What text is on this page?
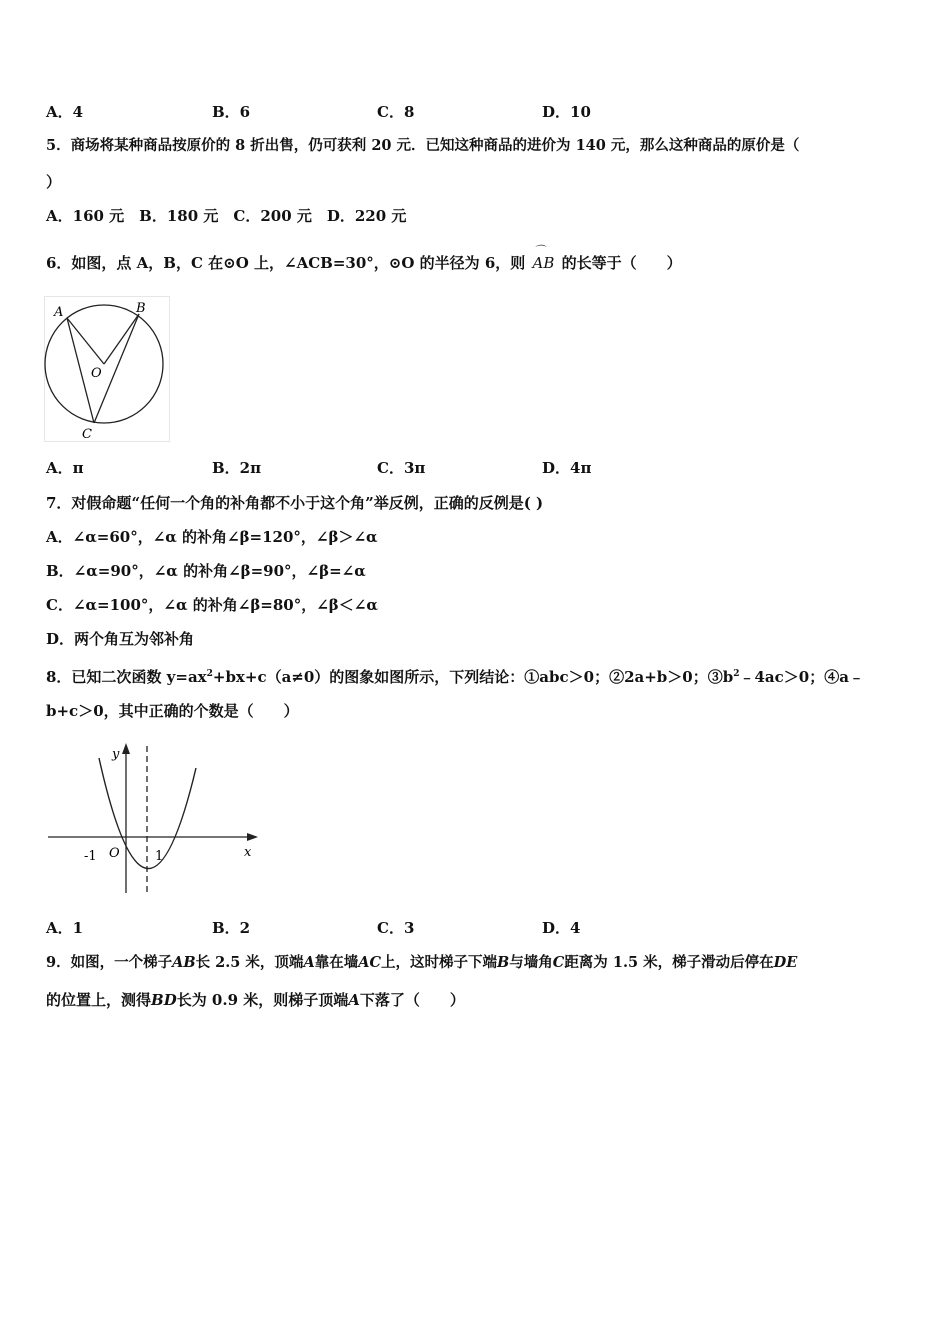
A．4	B．6	C．8	D．10
5．商场将某种商品按原价的 8 折出售，仍可获利 20 元．已知这种商品的进价为 140 元，那么这种商品的原价是（
）
A．160 元　B．180 元　C．200 元　D．220 元
6．如图，点 A，B，C 在⊙O 上，∠ACB=30°，⊙O 的半径为 6，则
⌒
AB 的长等于（　　）
A	B
O
C
A．π	B．2π	C．3π	D．4π
7．对假命题“任何一个角的补角都不小于这个角”举反例，正确的反例是( )
A．∠α=60°，∠α 的补角∠β=120°，∠β＞∠α
B．∠α=90°，∠α 的补角∠β=90°，∠β=∠α
C．∠α=100°，∠α 的补角∠β=80°，∠β＜∠α
D．两个角互为邻补角
8．已知二次函数 $y=ax^2+bx+c(a\ne 0)$的图象如图所示，下列结论：①abc＞0；②2a+b＞0；$③b^2﹣4ac>0$；④a﹣
b+c＞0，其中正确的个数是（　　）
y
x
-1 O	1
A．1	B．2	C．3	D．4
9．如图，一个梯子AB长 2.5 米，顶端A靠在墙AC上，这时梯子下端B与墙角C距离为 1.5 米，梯子滑动后停在DE
的位置上，测得BD长为 0.9 米，则梯子顶端A下落了（　　）
